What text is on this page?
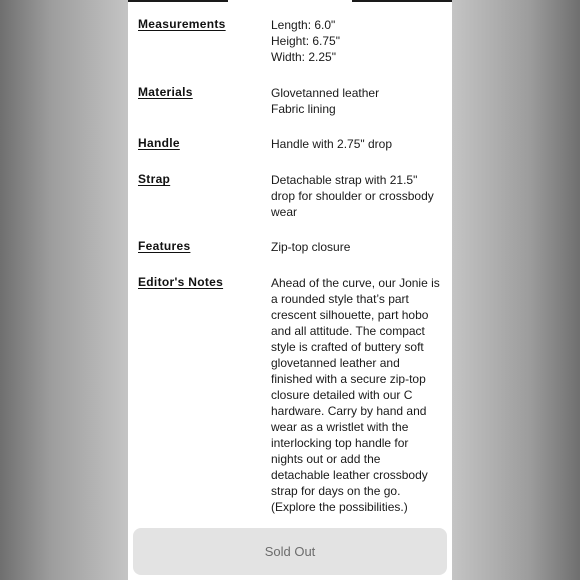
Measurements	Length: 6.0"
Height: 6.75"
Width: 2.25"
Materials	Glovetanned leather
Fabric lining
Handle	Handle with 2.75" drop
Strap	Detachable strap with 21.5"
drop for shoulder or crossbody
wear
Features	Zip-top closure
Editor's Notes	Ahead of the curve, our Jonie is
a rounded style that’s part
crescent silhouette, part hobo
and all attitude. The compact
style is crafted of buttery soft
glovetanned leather and
finished with a secure zip-top
closure detailed with our C
hardware. Carry by hand and
wear as a wristlet with the
interlocking top handle for
nights out or add the
detachable leather crossbody
strap for days on the go.
(Explore the possibilities.)
Sold Out
